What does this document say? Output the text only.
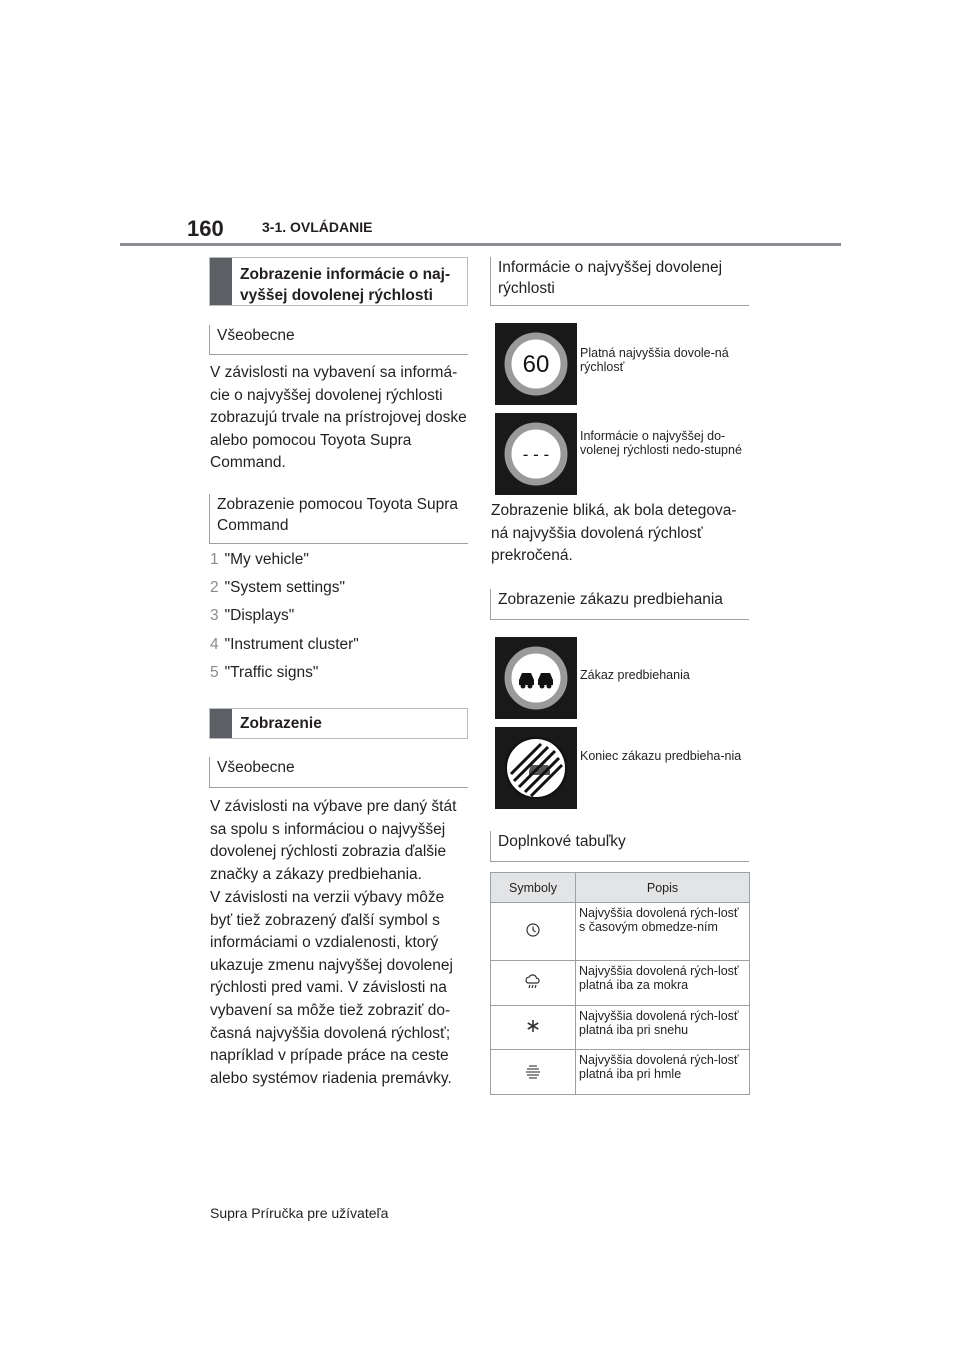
160	3-1. OVLÁDANIE
Zobrazenie informácie o naj-vyššej dovolenej rýchlosti
Všeobecne
V závislosti na vybavení sa informá-cie o najvyššej dovolenej rýchlosti zobrazujú trvale na prístrojovej doske alebo pomocou Toyota Supra Command.
Zobrazenie pomocou Toyota Supra Command
1 "My vehicle"
2 "System settings"
3 "Displays"
4 "Instrument cluster"
5 "Traffic signs"
Zobrazenie
Všeobecne
V závislosti na výbave pre daný štát sa spolu s informáciou o najvyššej dovolenej rýchlosti zobrazia ďalšie značky a zákazy predbiehania.
V závislosti na verzii výbavy môže byť tiež zobrazený ďalší symbol s informáciami o vzdialenosti, ktorý ukazuje zmenu najvyššej dovolenej rýchlosti pred vami. V závislosti na vybavení sa môže tiež zobraziť do-časná najvyššia dovolená rýchlosť; napríklad v prípade práce na ceste alebo systémov riadenia premávky.
Informácie o najvyššej dovolenej rýchlosti
60 Platná najvyššia dovole-ná rýchlosť
- - -
Informácie o najvyššej do-volenej rýchlosti nedo-stupné
Zobrazenie bliká, ak bola detegova-ná najvyššia dovolená rýchlosť prekročená.
Zobrazenie zákazu predbiehania
Zákaz predbiehania
Koniec zákazu predbieha-nia
Doplnkové tabuľky
Symboly	Popis
	Najvyššia dovolená rých-losť s časovým obmedze-ním
	Najvyššia dovolená rých-losť platná iba za mokra
	Najvyššia dovolená rých-losť platná iba pri snehu
	Najvyššia dovolená rých-losť platná iba pri hmle
Supra Príručka pre užívateľa
